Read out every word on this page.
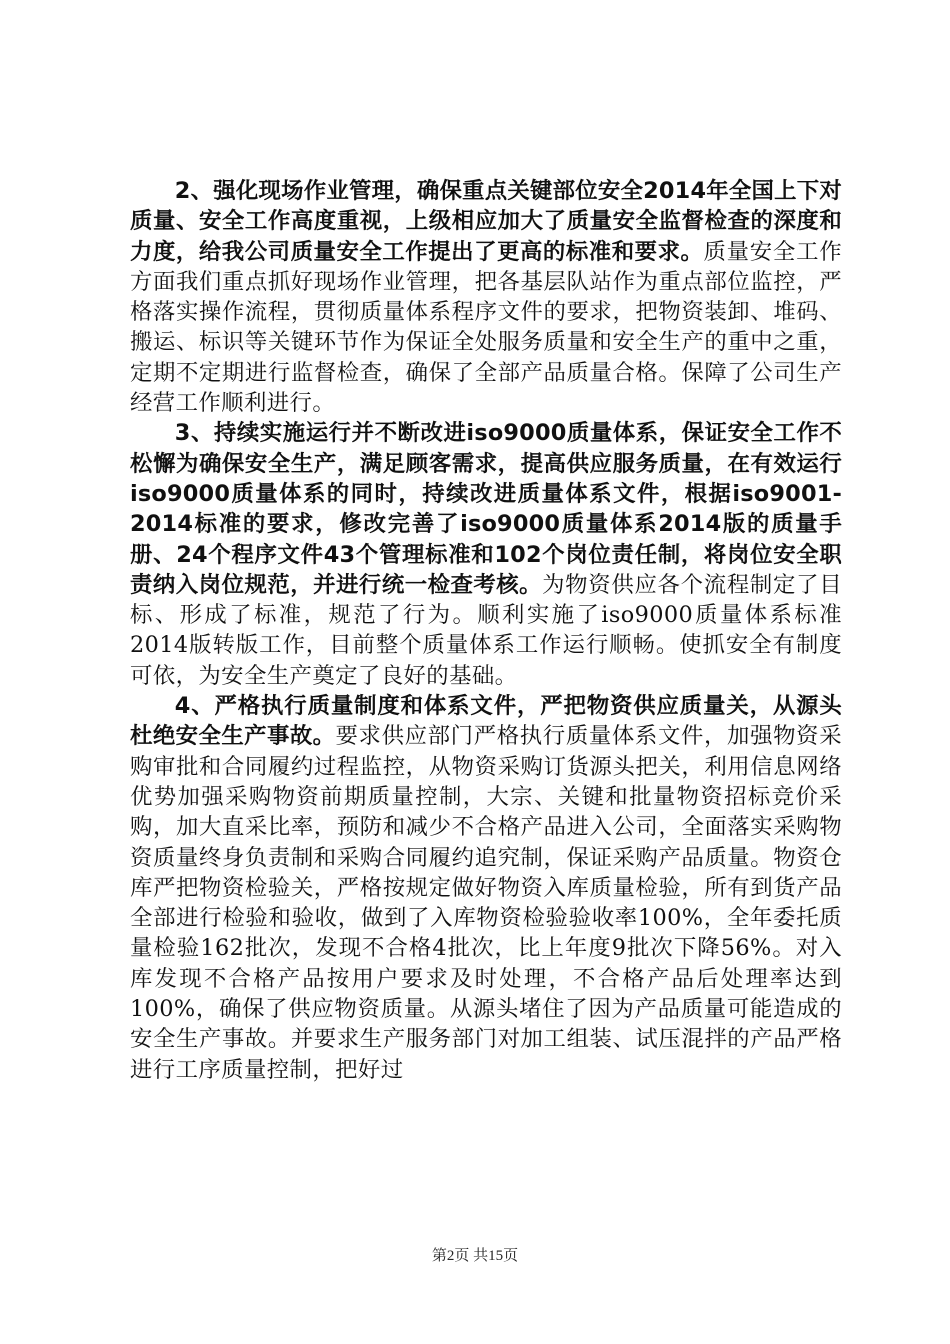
2、强化现场作业管理，确保重点关键部位安全2014年全国上下对质量、安全工作高度重视，上级相应加大了质量安全监督检查的深度和力度，给我公司质量安全工作提出了更高的标准和要求。质量安全工作方面我们重点抓好现场作业管理，把各基层队站作为重点部位监控，严格落实操作流程，贯彻质量体系程序文件的要求，把物资装卸、堆码、搬运、标识等关键环节作为保证全处服务质量和安全生产的重中之重，定期不定期进行监督检查，确保了全部产品质量合格。保障了公司生产经营工作顺利进行。

3、持续实施运行并不断改进iso9000质量体系，保证安全工作不松懈为确保安全生产，满足顾客需求，提高供应服务质量，在有效运行iso9000质量体系的同时，持续改进质量体系文件，根据iso9001-2014标准的要求，修改完善了iso9000质量体系2014版的质量手册、24个程序文件43个管理标准和102个岗位责任制，将岗位安全职责纳入岗位规范，并进行统一检查考核。为物资供应各个流程制定了目标、形成了标准，规范了行为。顺利实施了iso9000质量体系标准2014版转版工作，目前整个质量体系工作运行顺畅。使抓安全有制度可依，为安全生产奠定了良好的基础。

4、严格执行质量制度和体系文件，严把物资供应质量关，从源头杜绝安全生产事故。要求供应部门严格执行质量体系文件，加强物资采购审批和合同履约过程监控，从物资采购订货源头把关，利用信息网络优势加强采购物资前期质量控制，大宗、关键和批量物资招标竞价采购，加大直采比率，预防和减少不合格产品进入公司，全面落实采购物资质量终身负责制和采购合同履约追究制，保证采购产品质量。物资仓库严把物资检验关，严格按规定做好物资入库质量检验，所有到货产品全部进行检验和验收，做到了入库物资检验验收率100%，全年委托质量检验162批次，发现不合格4批次，比上年度9批次下降56%。对入库发现不合格产品按用户要求及时处理，不合格产品后处理率达到100%，确保了供应物资质量。从源头堵住了因为产品质量可能造成的安全生产事故。并要求生产服务部门对加工组装、试压混拌的产品严格进行工序质量控制，把好过

第2页 共15页
